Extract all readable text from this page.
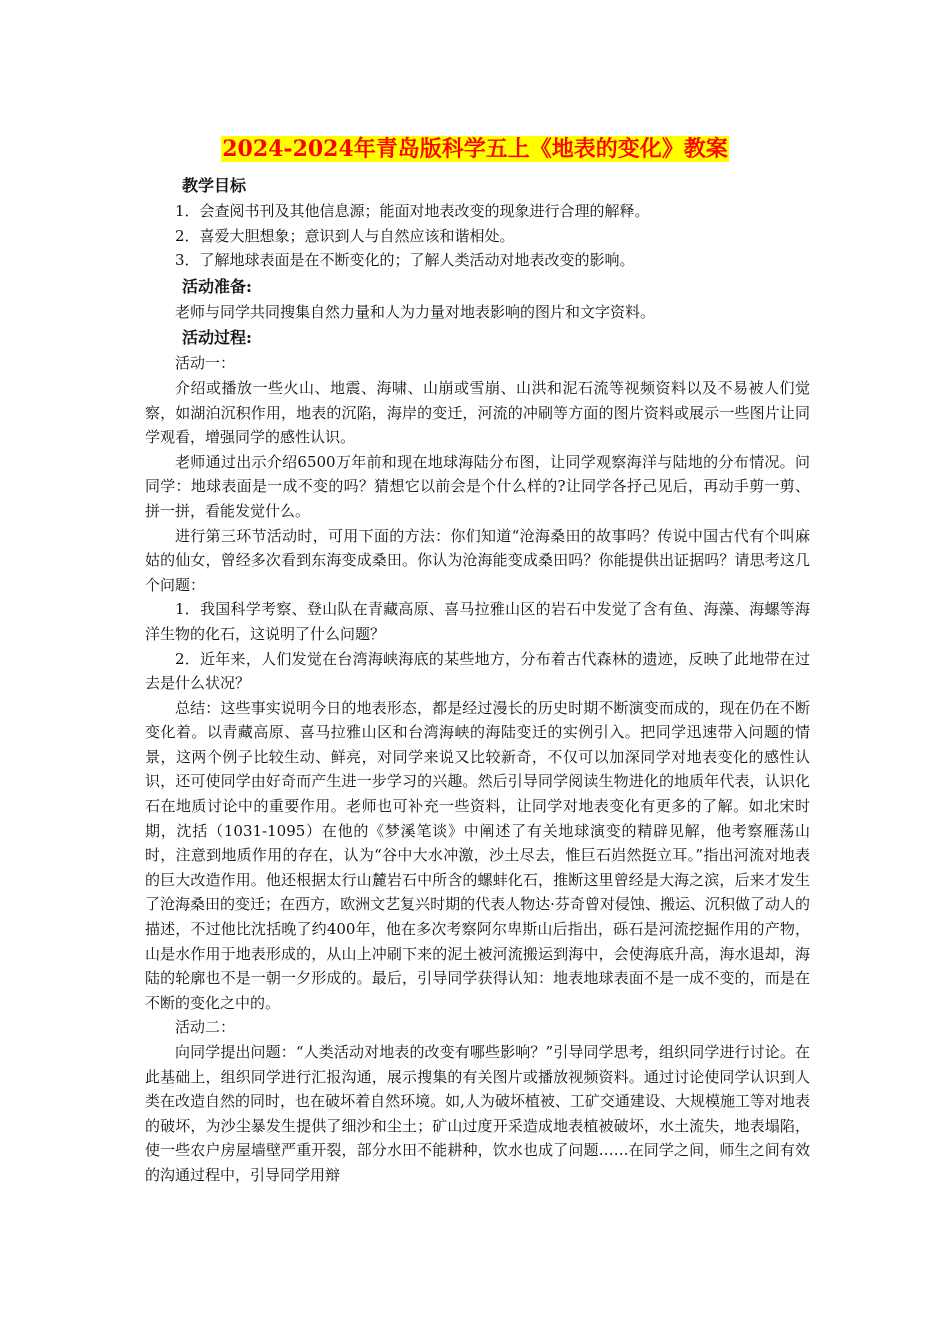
2024-2024年青岛版科学五上《地表的变化》教案

教学目标

1．会查阅书刊及其他信息源；能面对地表改变的现象进行合理的解释。

2．喜爱大胆想象；意识到人与自然应该和谐相处。

3．了解地球表面是在不断变化的；了解人类活动对地表改变的影响。

活动准备:

老师与同学共同搜集自然力量和人为力量对地表影响的图片和文字资料。

活动过程:

活动一：

介绍或播放一些火山、地震、海啸、山崩或雪崩、山洪和泥石流等视频资料以及不易被人们觉察，如湖泊沉积作用，地表的沉陷，海岸的变迁，河流的冲刷等方面的图片资料或展示一些图片让同学观看，增强同学的感性认识。

老师通过出示介绍6500万年前和现在地球海陆分布图，让同学观察海洋与陆地的分布情况。问同学：地球表面是一成不变的吗？猜想它以前会是个什么样的?让同学各抒己见后，再动手剪一剪、拼一拼，看能发觉什么。

进行第三环节活动时，可用下面的方法：你们知道“沧海桑田的故事吗？传说中国古代有个叫麻姑的仙女，曾经多次看到东海变成桑田。你认为沧海能变成桑田吗？你能提供出证据吗？请思考这几个问题：

1．我国科学考察、登山队在青藏高原、喜马拉雅山区的岩石中发觉了含有鱼、海藻、海螺等海洋生物的化石，这说明了什么问题？

2．近年来，人们发觉在台湾海峡海底的某些地方，分布着古代森林的遗迹，反映了此地带在过去是什么状况？

总结：这些事实说明今日的地表形态，都是经过漫长的历史时期不断演变而成的，现在仍在不断变化着。以青藏高原、喜马拉雅山区和台湾海峡的海陆变迁的实例引入。把同学迅速带入问题的情景，这两个例子比较生动、鲜亮，对同学来说又比较新奇，不仅可以加深同学对地表变化的感性认识，还可使同学由好奇而产生进一步学习的兴趣。然后引导同学阅读生物进化的地质年代表，认识化石在地质讨论中的重要作用。老师也可补充一些资料，让同学对地表变化有更多的了解。如北宋时期，沈括（1031-1095）在他的《梦溪笔谈》中阐述了有关地球演变的精辟见解，他考察雁荡山时，注意到地质作用的存在，认为“谷中大水冲激，沙土尽去，惟巨石岿然挺立耳。”指出河流对地表的巨大改造作用。他还根据太行山麓岩石中所含的螺蚌化石，推断这里曾经是大海之滨，后来才发生了沧海桑田的变迁；在西方，欧洲文艺复兴时期的代表人物达·芬奇曾对侵蚀、搬运、沉积做了动人的描述，不过他比沈括晚了约400年，他在多次考察阿尔卑斯山后指出，砾石是河流挖掘作用的产物，山是水作用于地表形成的，从山上冲刷下来的泥土被河流搬运到海中，会使海底升高，海水退却，海陆的轮廓也不是一朝一夕形成的。最后，引导同学获得认知：地表地球表面不是一成不变的，而是在不断的变化之中的。

活动二：

向同学提出问题：“人类活动对地表的改变有哪些影响？”引导同学思考，组织同学进行讨论。在此基础上，组织同学进行汇报沟通，展示搜集的有关图片或播放视频资料。通过讨论使同学认识到人类在改造自然的同时，也在破坏着自然环境。如,人为破坏植被、工矿交通建设、大规模施工等对地表的破坏，为沙尘暴发生提供了细沙和尘土；矿山过度开采造成地表植被破坏，水土流失，地表塌陷，使一些农户房屋墙壁严重开裂，部分水田不能耕种，饮水也成了问题……在同学之间，师生之间有效的沟通过程中，引导同学用辩
